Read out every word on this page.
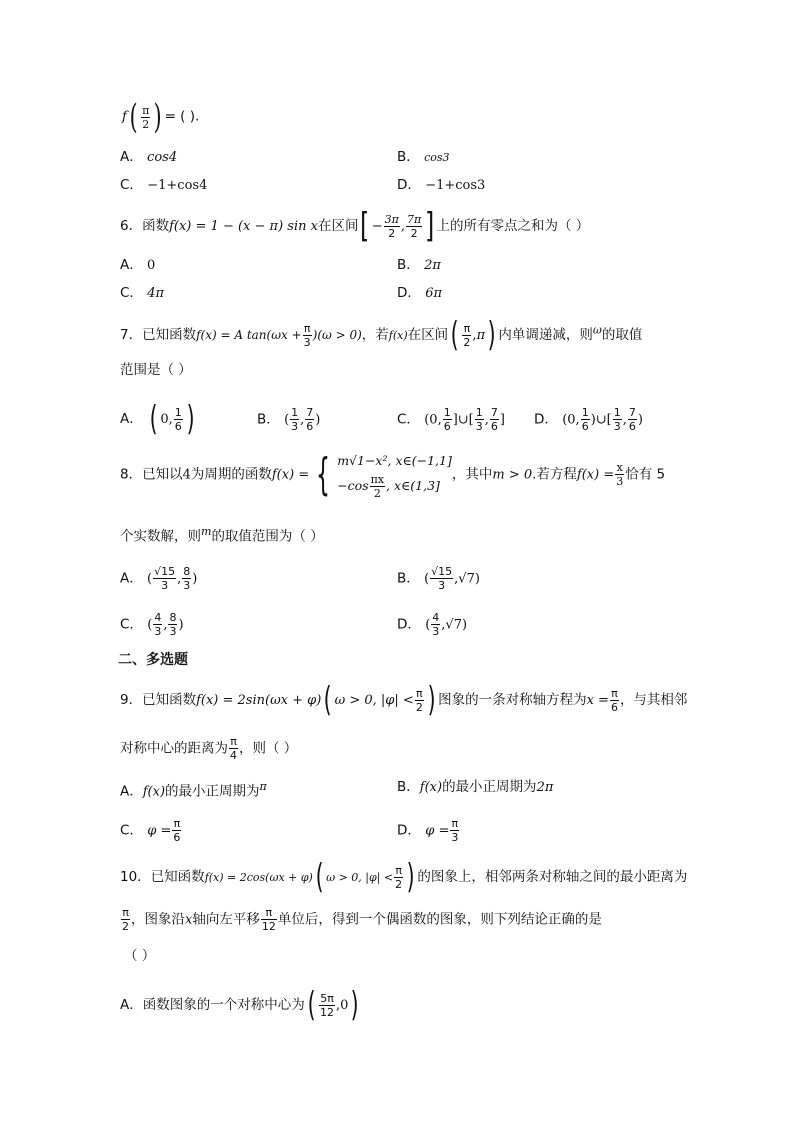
$f( \frac{\pi}{2}$ ) = ( ).
A． cos4	B． cos3
C． −1+cos4	D． −1+cos3
6．函数f(x) = 1 − (x − π) sin x在区间[ − $\frac{3\pi}{2}$ , $\frac{7\pi}{2}$ ] 上的所有零点之和为（ ）
A． 0	B． 2π
C． 4π	D． 6π
7．已知函数f(x) = A $\tan(\omega x + \frac{\pi}{3} )(\omega > 0)$，若f(x)在区间( $\frac{\pi}{2} ,\pi$) 内单调递减，则$^\omega$的取值
范围是（ ）
A． ( 0, $\frac{1}{6}$ )	B． ( $\frac{1}{3}$ , $\frac{7}{6}$ )	C． (0, $\frac{1}{6}$ ]∪[ $\frac{1}{3}$ , $\frac{7}{6}$ ] D． (0, $\frac{1}{6}$ )∪[ $\frac{1}{3}$ , $\frac{7}{6}$ )
8．已知以4为周期的函数f(x) = { m√1−x², x∈(−1,1]
$-\cos \frac{\pi x}{2}$ , x∈(1,3]
，其中m > 0.若方程$f(x) = \frac{x}{3}$ 恰有 5
个实数解，则$^m$的取值范围为（ ）
A． ( $\frac{√15}{3}$ , $\frac{8}{3}$ )	B． ( $\frac{√15}{3} ,√7$)
C． ( $\frac{4}{3}$ , $\frac{8}{3}$ )	D． ( $\frac{4}{3} ,√7$)
二、多选题
9．已知函数f(x) = 2sin(ωx + φ)( ω > 0, $|\varphi| < \frac{\pi}{2}$ ) 图象的一条对称轴方程为$x = \frac{\pi}{6}$ ，与其相邻
对称中心的距离为 $\frac{\pi}{4}$ ，则（ ）
A．f(x)的最小正周期为$^\pi$	B．f(x)的最小正周期为2π
C． $\varphi = \frac{\pi}{6}$	D． $\varphi = \frac{\pi}{3}$
10．已知函数f(x) = 2cos(ωx + φ)( ω > 0, $|\varphi| < \frac{\pi}{2}$ ) 的图象上，相邻两条对称轴之间的最小距离为
$\frac{\pi}{2}$ ，图象沿x轴向左平移 $\frac{\pi}{12}$ 单位后，得到一个偶函数的图象，则下列结论正确的是
（ ）
A．函数图象的一个对称中心为( $\frac{5\pi}{12} ,0$)
